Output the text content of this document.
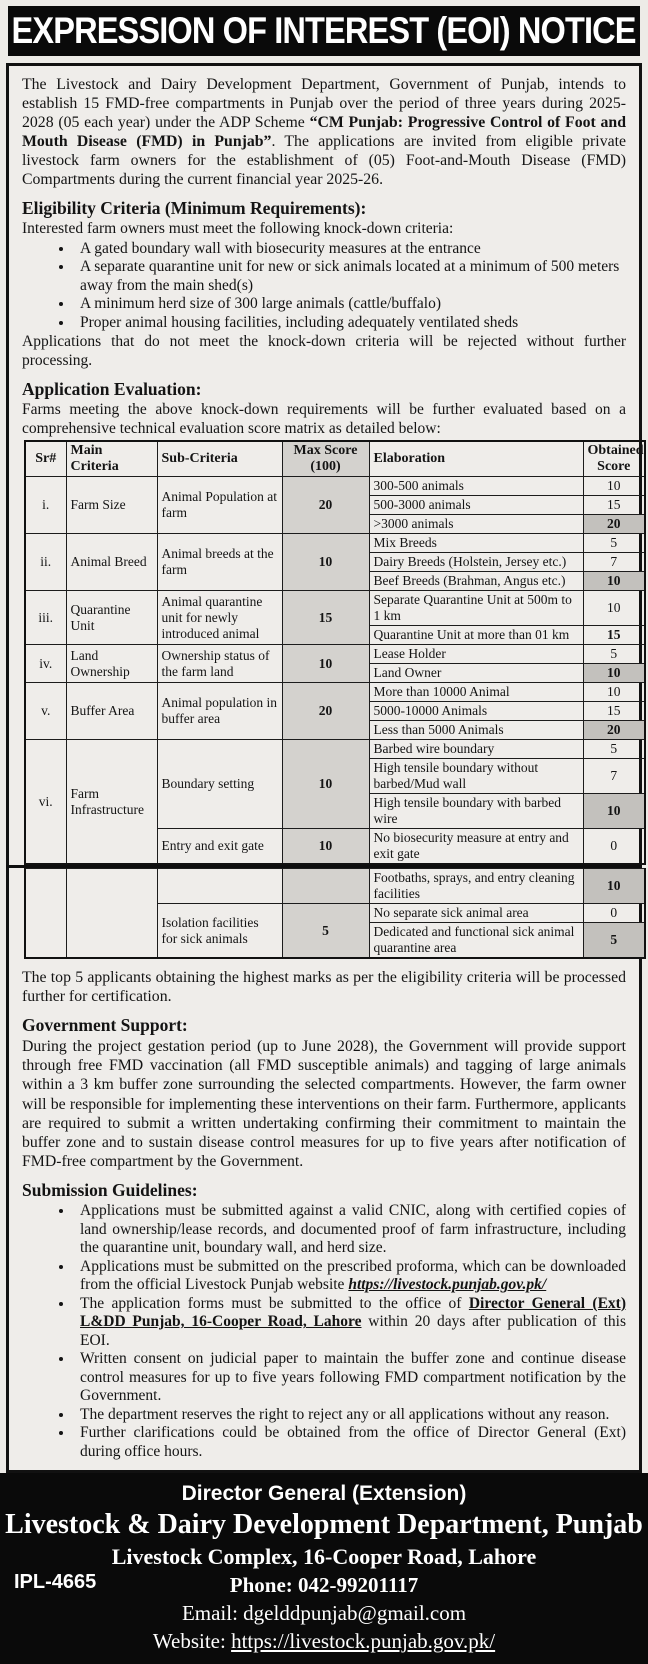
EXPRESSION OF INTEREST (EOI) NOTICE

The Livestock and Dairy Development Department, Government of Punjab, intends to establish 15 FMD-free compartments in Punjab over the period of three years during 2025-2028 (05 each year) under the ADP Scheme “CM Punjab: Progressive Control of Foot and Mouth Disease (FMD) in Punjab”. The applications are invited from eligible private livestock farm owners for the establishment of (05) Foot-and-Mouth Disease (FMD) Compartments during the current financial year 2025-26.

Eligibility Criteria (Minimum Requirements):

Interested farm owners must meet the following knock-down criteria:

• A gated boundary wall with biosecurity measures at the entrance
• A separate quarantine unit for new or sick animals located at a minimum of 500 meters away from the main shed(s)
• A minimum herd size of 300 large animals (cattle/buffalo)
• Proper animal housing facilities, including adequately ventilated sheds

Applications that do not meet the knock-down criteria will be rejected without further processing.

Application Evaluation:

Farms meeting the above knock-down requirements will be further evaluated based on a comprehensive technical evaluation score matrix as detailed below:

Sr#	Main Criteria	Sub-Criteria	Max Score (100)	Elaboration	Obtained Score
i.	Farm Size	Animal Population at farm	20	300-500 animals	10
				500-3000 animals	15
				>3000 animals	20
ii.	Animal Breed	Animal breeds at the farm	10	Mix Breeds	5
				Dairy Breeds (Holstein, Jersey etc.)	7
				Beef Breeds (Brahman, Angus etc.)	10
iii.	Quarantine Unit	Animal quarantine unit for newly introduced animal	15	Separate Quarantine Unit at 500m to 1 km	10
				Quarantine Unit at more than 01 km	15
iv.	Land Ownership	Ownership status of the farm land	10	Lease Holder	5
				Land Owner	10
v.	Buffer Area	Animal population in buffer area	20	More than 10000 Animal	10
				5000-10000 Animals	15
				Less than 5000 Animals	20
vi.	Farm Infrastructure	Boundary setting	10	Barbed wire boundary	5
				High tensile boundary without barbed/Mud wall	7
				High tensile boundary with barbed wire	10
		Entry and exit gate	10	No biosecurity measure at entry and exit gate	0
				Footbaths, sprays, and entry cleaning facilities	10
		Isolation facilities for sick animals	5	No separate sick animal area	0
				Dedicated and functional sick animal quarantine area	5

The top 5 applicants obtaining the highest marks as per the eligibility criteria will be processed further for certification.

Government Support:

During the project gestation period (up to June 2028), the Government will provide support through free FMD vaccination (all FMD susceptible animals) and tagging of large animals within a 3 km buffer zone surrounding the selected compartments. However, the farm owner will be responsible for implementing these interventions on their farm. Furthermore, applicants are required to submit a written undertaking confirming their commitment to maintain the buffer zone and to sustain disease control measures for up to five years after notification of FMD-free compartment by the Government.

Submission Guidelines:
• Applications must be submitted against a valid CNIC, along with certified copies of land ownership/lease records, and documented proof of farm infrastructure, including the quarantine unit, boundary wall, and herd size.
• Applications must be submitted on the prescribed proforma, which can be downloaded from the official Livestock Punjab website https://livestock.punjab.gov.pk/
• The application forms must be submitted to the office of Director General (Ext) L&DD Punjab, 16-Cooper Road, Lahore within 20 days after publication of this EOI.
• Written consent on judicial paper to maintain the buffer zone and continue disease control measures for up to five years following FMD compartment notification by the Government.
• The department reserves the right to reject any or all applications without any reason.
• Further clarifications could be obtained from the office of Director General (Ext) during office hours.
Director General (Extension)
Livestock & Dairy Development Department, Punjab
Livestock Complex, 16-Cooper Road, Lahore
Phone: 042-99201117
Email: dgelddpunjab@gmail.com
Website: https://livestock.punjab.gov.pk/
IPL-4665
